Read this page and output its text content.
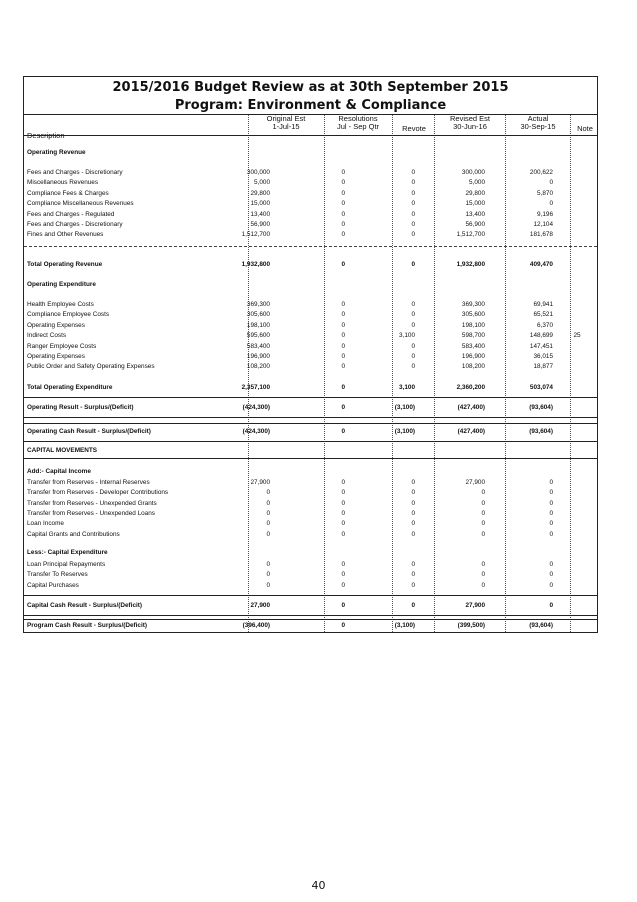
2015/2016 Budget Review as at 30th September 2015
Program: Environment & Compliance
Description
Original Est
1-Jul-15
Resolutions
Jul - Sep Qtr	Revote
Revised Est
30-Jun-16
Actual
30-Sep-15	Note
Operating Revenue
Fees and Charges - Discretionary	300,000	0	0	300,000	200,622
Miscellaneous Revenues	5,000	0	0	5,000	0
Compliance Fees & Charges	29,800	0	0	29,800	5,870
Compliance Miscellaneous Revenues	15,000	0	0	15,000	0
Fees and Charges - Regulated	13,400	0	0	13,400	9,196
Fees and Charges - Discretionary	56,900	0	0	56,900	12,104
Fines and Other Revenues	1,512,700	0	0	1,512,700	181,678
Total Operating Revenue	1,932,800	0	0	1,932,800	409,470
Operating Expenditure
Health Employee Costs	369,300	0	0	369,300	69,941
Compliance Employee Costs	305,600	0	0	305,600	65,521
Operating Expenses	198,100	0	0	198,100	6,370
Indirect Costs	595,600	0	3,100	598,700	148,699	25
Ranger Employee Costs	583,400	0	0	583,400	147,451
Operating Expenses	196,900	0	0	196,900	36,015
Public Order and Safety Operating Expenses	108,200	0	0	108,200	18,877
Total Operating Expenditure	2,357,100	0	3,100	2,360,200	503,074
Operating Result - Surplus/(Deficit)	(424,300)	0	(3,100)	(427,400)	(93,604)
Operating Cash Result - Surplus/(Deficit)	(424,300)	0	(3,100)	(427,400)	(93,604)
CAPITAL MOVEMENTS
Add:- Capital Income
Transfer from Reserves - Internal Reserves	27,900	0	0	27,900	0
Transfer from Reserves - Developer Contributions	0	0	0	0	0
Transfer from Reserves - Unexpended Grants	0	0	0	0	0
Transfer from Reserves - Unexpended Loans	0	0	0	0	0
Loan Income	0	0	0	0	0
Capital Grants and Contributions	0	0	0	0	0
Less:- Capital Expenditure
Loan Principal Repayments	0	0	0	0	0
Transfer To Reserves	0	0	0	0	0
Capital Purchases	0	0	0	0	0
Capital Cash Result - Surplus/(Deficit)	27,900	0	0	27,900	0
Program Cash Result - Surplus/(Deficit)	(396,400)	0	(3,100)	(399,500)	(93,604)
40
